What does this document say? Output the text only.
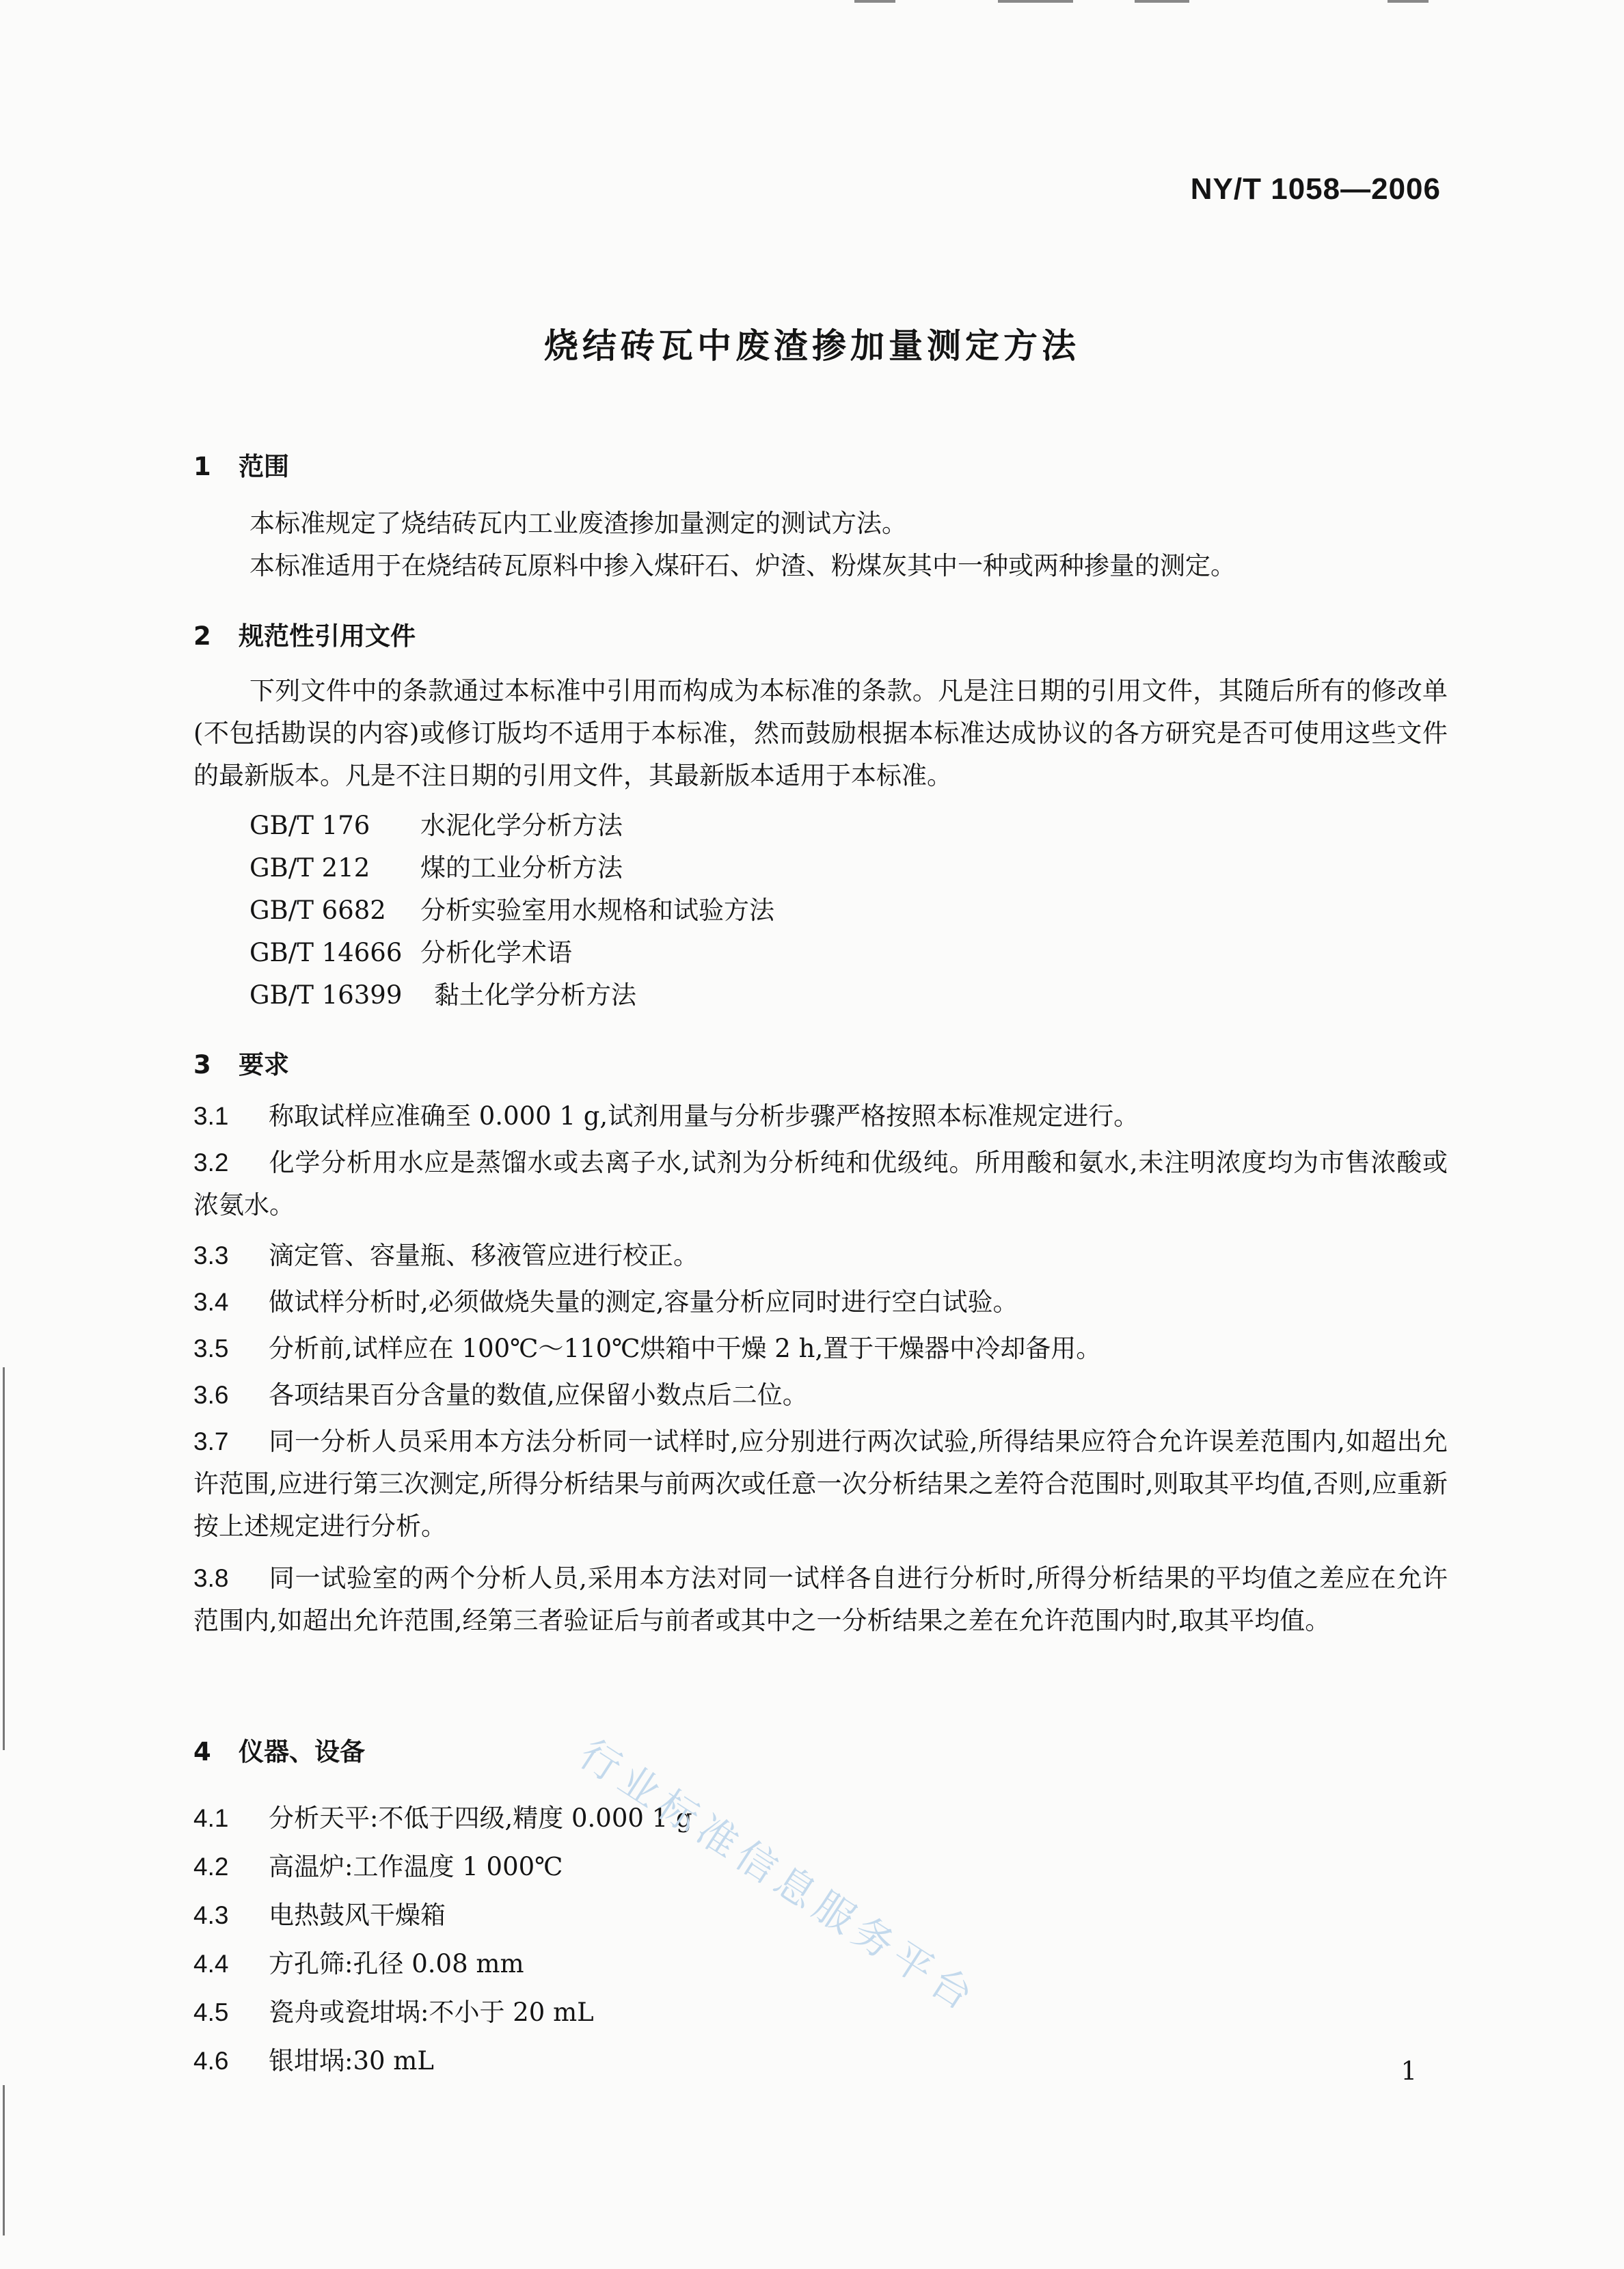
NY/T 1058—2006
烧结砖瓦中废渣掺加量测定方法
1 范围
本标准规定了烧结砖瓦内工业废渣掺加量测定的测试方法。
本标准适用于在烧结砖瓦原料中掺入煤矸石、炉渣、粉煤灰其中一种或两种掺量的测定。
2 规范性引用文件
下列文件中的条款通过本标准中引用而构成为本标准的条款。凡是注日期的引用文件，其随后所有的修改单(不包括勘误的内容)或修订版均不适用于本标准，然而鼓励根据本标准达成协议的各方研究是否可使用这些文件的最新版本。凡是不注日期的引用文件，其最新版本适用于本标准。
GB/T 176 水泥化学分析方法
GB/T 212 煤的工业分析方法
GB/T 6682 分析实验室用水规格和试验方法
GB/T 14666 分析化学术语
GB/T 16399 黏土化学分析方法
3 要求
3.1 称取试样应准确至 0.000 1 g,试剂用量与分析步骤严格按照本标准规定进行。
3.2 化学分析用水应是蒸馏水或去离子水,试剂为分析纯和优级纯。所用酸和氨水,未注明浓度均为市售浓酸或浓氨水。
3.3 滴定管、容量瓶、移液管应进行校正。
3.4 做试样分析时,必须做烧失量的测定,容量分析应同时进行空白试验。
3.5 分析前,试样应在 100℃～110℃烘箱中干燥 2 h,置于干燥器中冷却备用。
3.6 各项结果百分含量的数值,应保留小数点后二位。
3.7 同一分析人员采用本方法分析同一试样时,应分别进行两次试验,所得结果应符合允许误差范围内,如超出允许范围,应进行第三次测定,所得分析结果与前两次或任意一次分析结果之差符合范围时,则取其平均值,否则,应重新按上述规定进行分析。
3.8 同一试验室的两个分析人员,采用本方法对同一试样各自进行分析时,所得分析结果的平均值之差应在允许范围内,如超出允许范围,经第三者验证后与前者或其中之一分析结果之差在允许范围内时,取其平均值。
4 仪器、设备
4.1 分析天平:不低于四级,精度 0.000 1 g
4.2 高温炉:工作温度 1 000℃
4.3 电热鼓风干燥箱
4.4 方孔筛:孔径 0.08 mm
4.5 瓷舟或瓷坩埚:不小于 20 mL
4.6 银坩埚:30 mL
行业标准信息服务平台
1
